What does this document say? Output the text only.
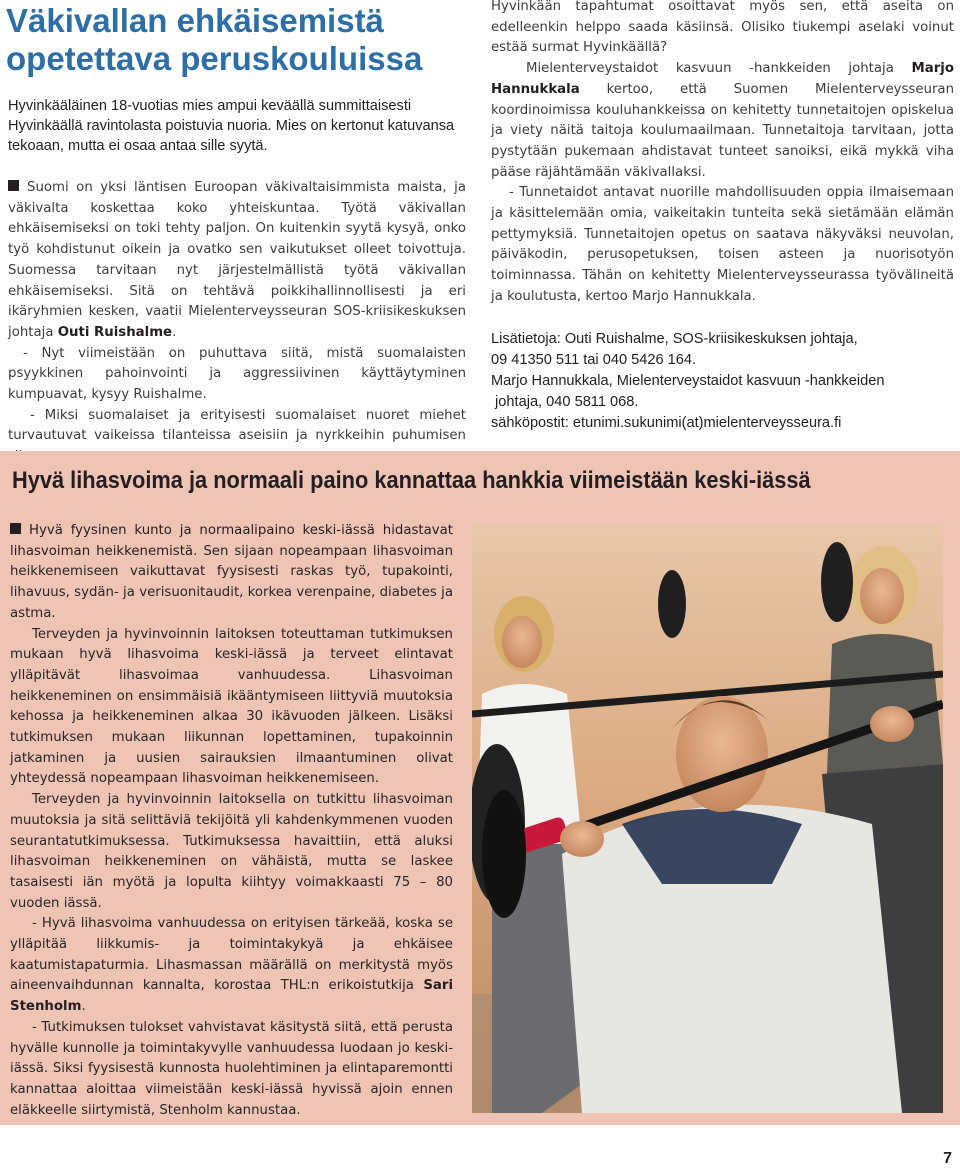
Väkivallan ehkäisemistä
opetettava peruskouluissa

Hyvinkääläinen 18-vuotias mies ampui keväällä summittaisesti Hyvinkäällä ravintolasta poistuvia nuoria. Mies on kertonut katuvansa tekoaan, mutta ei osaa antaa sille syytä.

Suomi on yksi läntisen Euroopan väkivaltaisimmista maista, ja väkivalta koskettaa koko yhteiskuntaa. Työtä väkivallan ehkäisemiseksi on toki tehty paljon. On kuitenkin syytä kysyä, onko työ kohdistunut oikein ja ovatko sen vaikutukset olleet toivottuja. Suomessa tarvitaan nyt järjestelmällistä työtä väkivallan ehkäisemiseksi. Sitä on tehtävä poikkihallinnollisesti ja eri ikäryhmien kesken, vaatii Mielenterveysseuran SOS-kriisikeskuksen johtaja Outi Ruishalme.

- Nyt viimeistään on puhuttava siitä, mistä suomalaisten psyykkinen pahoinvointi ja aggressiivinen käyttäytyminen kumpuavat, kysyy Ruishalme.

- Miksi suomalaiset ja erityisesti suomalaiset nuoret miehet turvautuvat vaikeissa tilanteissa aseisiin ja nyrkkeihin puhumisen

Hyvinkään tapahtumat osoittavat myös sen, että aseita on edelleenkin helppo saada käsiinsä. Olisiko tiukempi aselaki voinut estää surmat Hyvinkäällä?

Mielenterveystaidot kasvuun -hankkeiden johtaja Marjo Hannukkala kertoo, että Suomen Mielenterveysseuran koordinoimissa kouluhankkeissa on kehitetty tunnetaitojen opiskelua ja viety näitä taitoja koulumaailmaan. Tunnetaitoja tarvitaan, jotta pystytään pukemaan ahdistavat tunteet sanoiksi, eikä mykkä viha pääse räjähtämään väkivallaksi.

- Tunnetaidot antavat nuorille mahdollisuuden oppia ilmaisemaan ja käsittelemään omia, vaikeitakin tunteita sekä sietämään elämän pettymyksiä. Tunnetaitojen opetus on saatava näkyväksi neuvolan, päiväkodin, perusopetuksen, toisen asteen ja nuorisotyön toiminnassa. Tähän on kehitetty Mielenterveysseurassa työvälineitä ja koulutusta, kertoo Marjo Hannukkala.

Lisätietoja: Outi Ruishalme, SOS-kriisikeskuksen johtaja,
09 41350 511 tai 040 5426 164.
Marjo Hannukkala, Mielenterveystaidot kasvuun -hankkeiden
johtaja, 040 5811 068.
sähköpostit: etunimi.sukunimi(at)mielenterveysseura.fi
Hyvä lihasvoima ja normaali paino kannattaa hankkia viimeistään keski-iässä

Hyvä fyysinen kunto ja normaalipaino keski-iässä hidastavat lihasvoiman heikkenemistä. Sen sijaan nopeampaan lihasvoiman heikkenemiseen vaikuttavat fyysisesti raskas työ, tupakointi, lihavuus, sydän- ja verisuonitaudit, korkea verenpaine, diabetes ja astma.

Terveyden ja hyvinvoinnin laitoksen toteuttaman tutkimuksen mukaan hyvä lihasvoima keski-iässä ja terveet elintavat ylläpitävät lihasvoimaa vanhuudessa. Lihasvoiman heikkeneminen on ensimmäisiä ikääntymiseen liittyviä muutoksia kehossa ja heikkeneminen alkaa 30 ikävuoden jälkeen. Lisäksi tutkimuksen mukaan liikunnan lopettaminen, tupakoinnin jatkaminen ja uusien sairauksien ilmaantuminen olivat yhteydessä nopeampaan lihasvoiman heikkenemiseen.

Terveyden ja hyvinvoinnin laitoksella on tutkittu lihasvoiman muutoksia ja sitä selittäviä tekijöitä yli kahdenkymmenen vuoden seurantatutkimuksessa. Tutkimuksessa havaittiin, että aluksi lihasvoiman heikkeneminen on vähäistä, mutta se laskee tasaisesti iän myötä ja lopulta kiihtyy voimakkaasti 75 – 80 vuoden iässä.

- Hyvä lihasvoima vanhuudessa on erityisen tärkeää, koska se ylläpitää liikkumis- ja toimintakykyä ja ehkäisee kaatumistapaturmia. Lihasmassan määrällä on merkitystä myös aineenvaihdunnan kannalta, korostaa THL:n erikoistutkija Sari Stenholm.

- Tutkimuksen tulokset vahvistavat käsitystä siitä, että perusta hyvälle kunnolle ja toimintakyvylle vanhuudessa luodaan jo keski-iässä. Siksi fyysisestä kunnosta huolehtiminen ja elintaparemontti kannattaa aloittaa viimeistään keski-iässä hyvissä ajoin ennen eläkkeelle siirtymistä, Stenholm kannustaa.

7
